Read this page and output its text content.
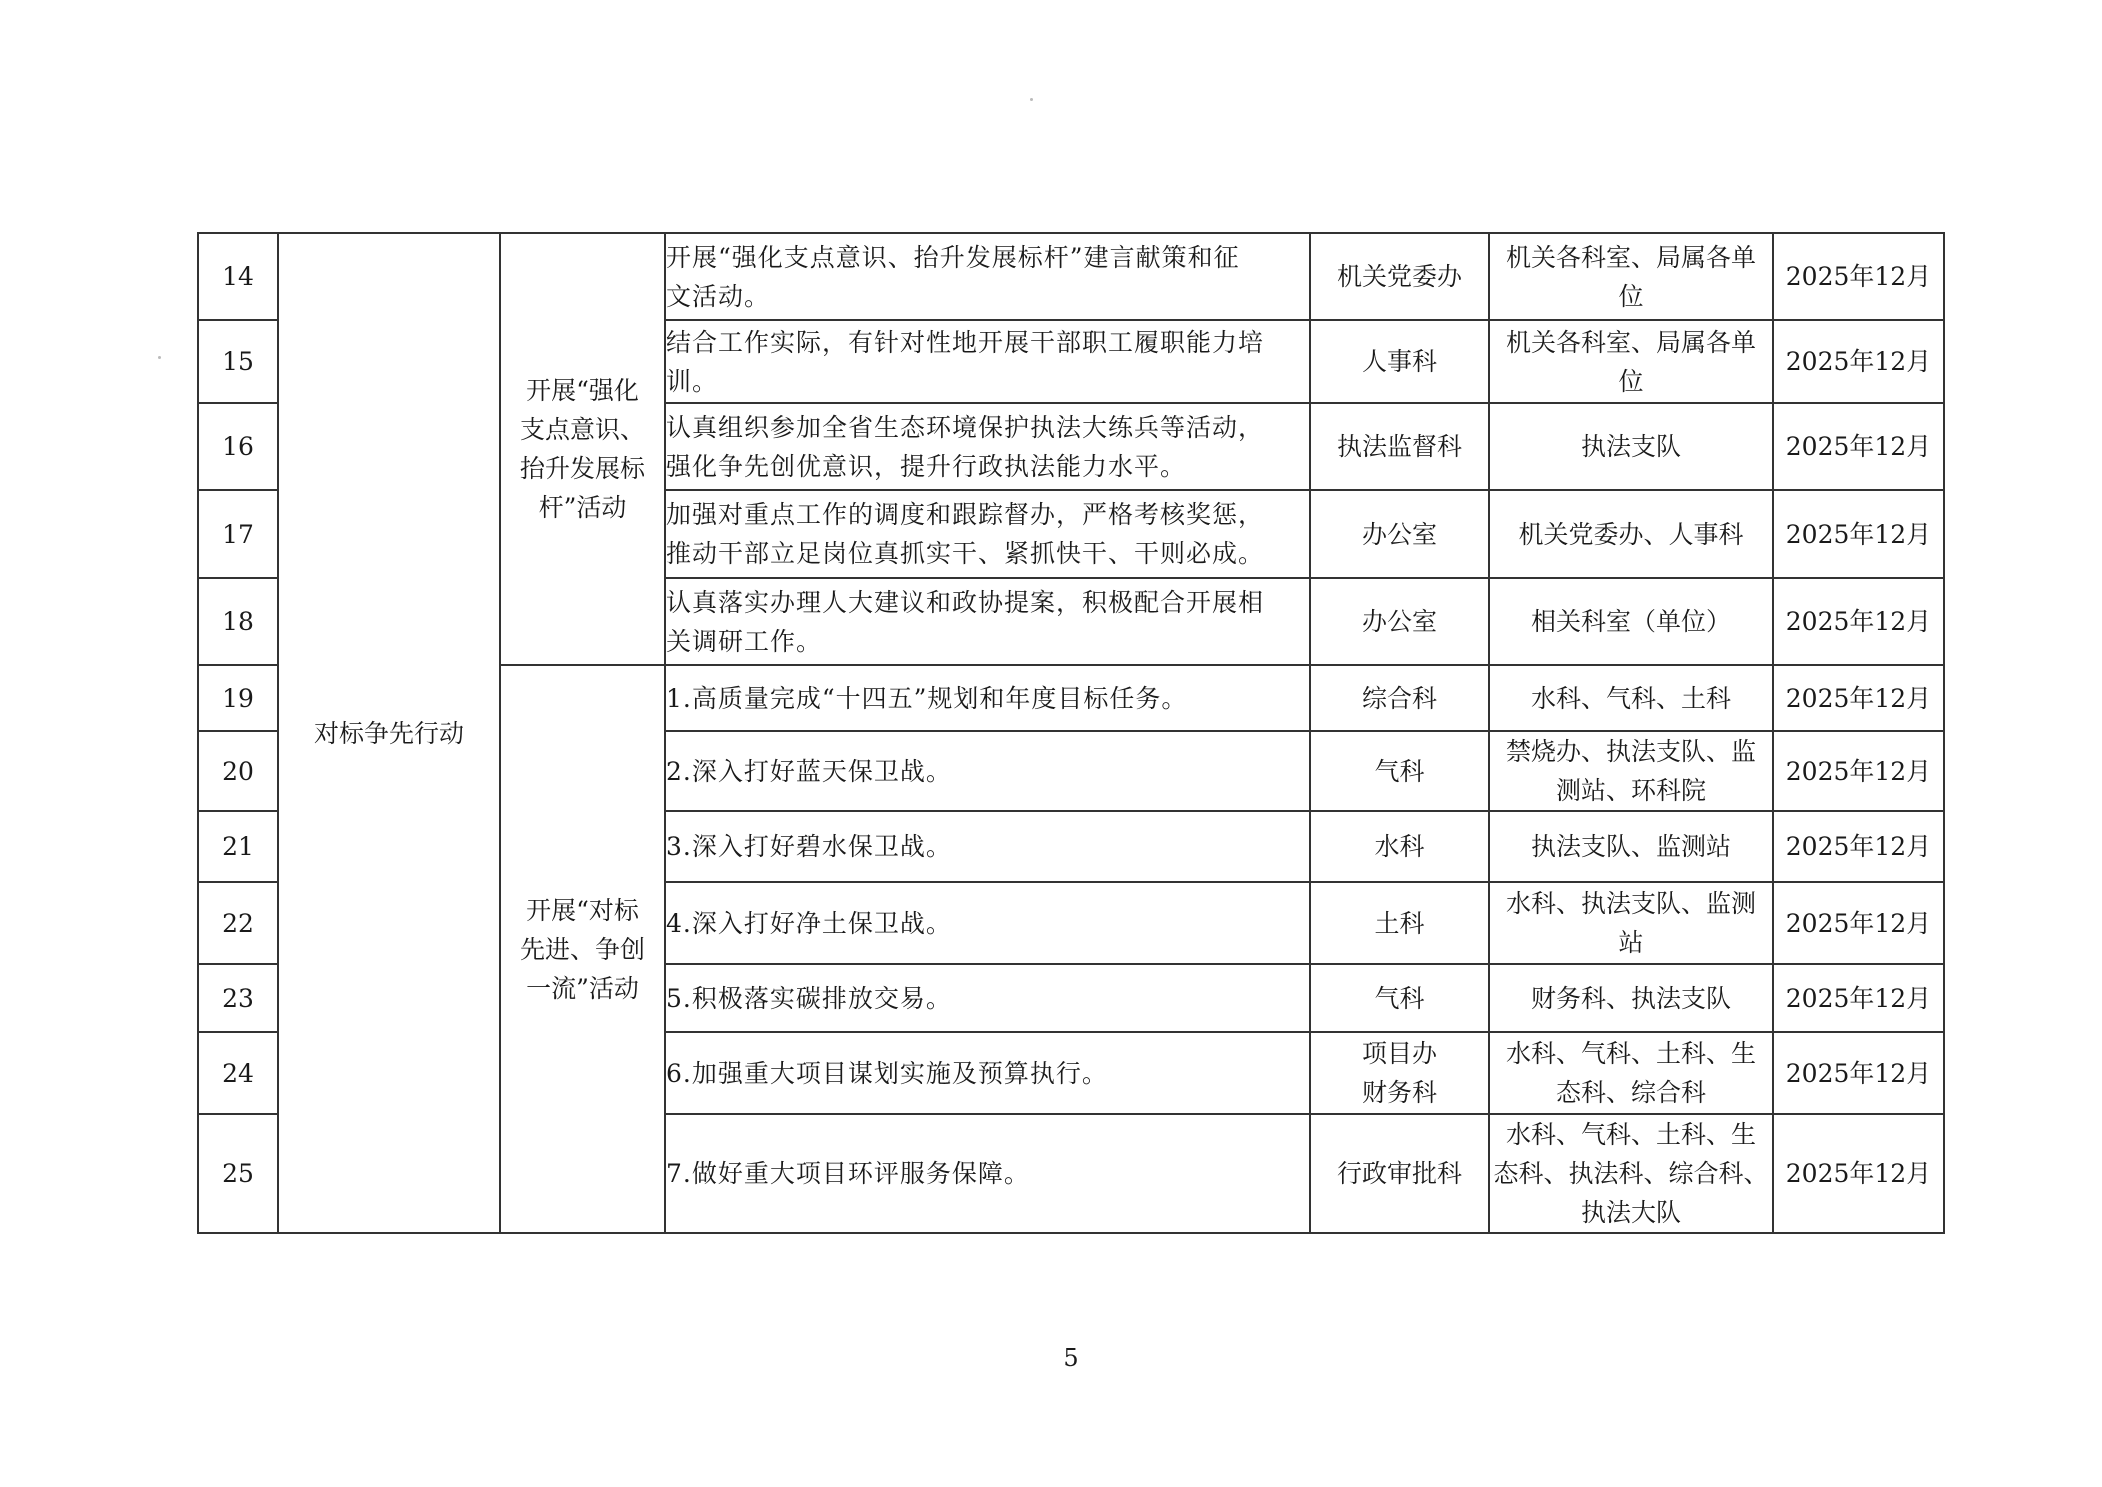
14	对标争先行动	开展“强化
支点意识、
抬升发展标
杆”活动	开展“强化支点意识、抬升发展标杆”建言献策和征
文活动。	机关党委办	机关各科室、局属各单
位	2025年12月
15			结合工作实际，有针对性地开展干部职工履职能力培
训。	人事科	机关各科室、局属各单
位	2025年12月
16			认真组织参加全省生态环境保护执法大练兵等活动，
强化争先创优意识，提升行政执法能力水平。	执法监督科	执法支队	2025年12月
17			加强对重点工作的调度和跟踪督办，严格考核奖惩，
推动干部立足岗位真抓实干、紧抓快干、干则必成。	办公室	机关党委办、人事科	2025年12月
18			认真落实办理人大建议和政协提案，积极配合开展相
关调研工作。	办公室	相关科室（单位）	2025年12月
19		开展“对标
先进、争创
一流”活动	1.高质量完成“十四五”规划和年度目标任务。	综合科	水科、气科、土科	2025年12月
20			2.深入打好蓝天保卫战。	气科	禁烧办、执法支队、监
测站、环科院	2025年12月
21			3.深入打好碧水保卫战。	水科	执法支队、监测站	2025年12月
22			4.深入打好净土保卫战。	土科	水科、执法支队、监测
站	2025年12月
23			5.积极落实碳排放交易。	气科	财务科、执法支队	2025年12月
24			6.加强重大项目谋划实施及预算执行。	项目办
财务科	水科、气科、土科、生
态科、综合科	2025年12月
25			7.做好重大项目环评服务保障。	行政审批科	水科、气科、土科、生
态科、执法科、综合科、
执法大队	2025年12月
5
